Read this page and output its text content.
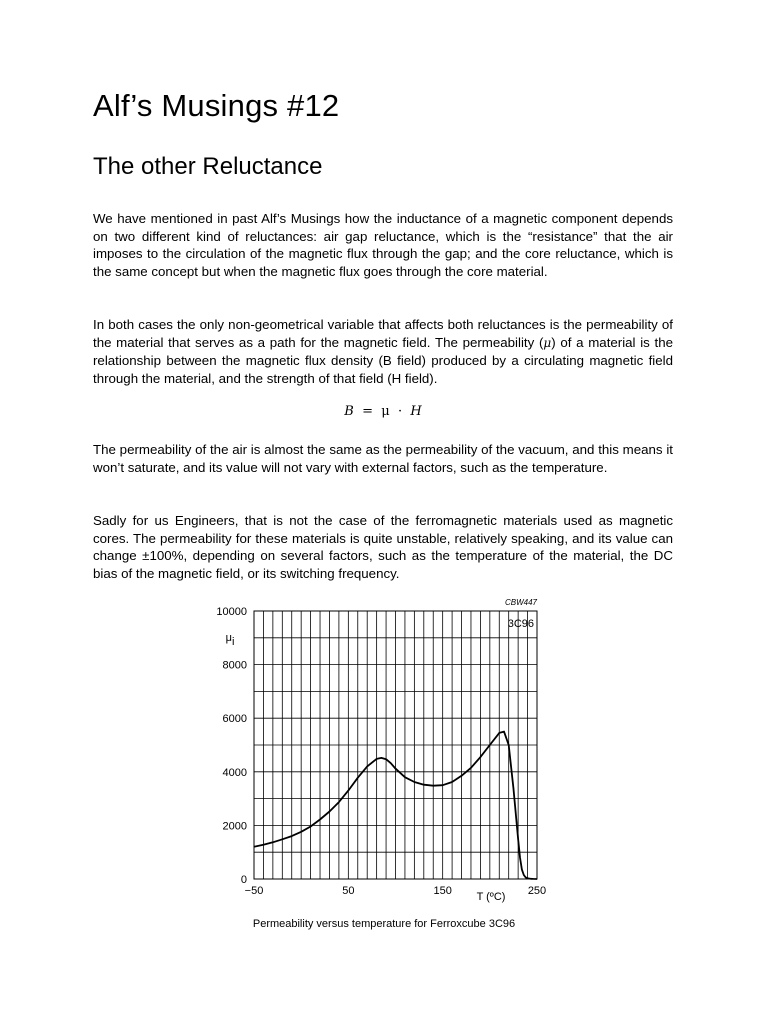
Alf’s Musings #12
The other Reluctance

We have mentioned in past Alf’s Musings how the inductance of a magnetic component depends on two different kind of reluctances: air gap reluctance, which is the “resistance” that the air imposes to the circulation of the magnetic flux through the gap; and the core reluctance, which is the same concept but when the magnetic flux goes through the core material.

In both cases the only non-geometrical variable that affects both reluctances is the permeability of the material that serves as a path for the magnetic field. The permeability (μ) of a material is the relationship between the magnetic flux density (B field) produced by a circulating magnetic field through the material, and the strength of that field (H field).

B = μ · H

The permeability of the air is almost the same as the permeability of the vacuum, and this means it won’t saturate, and its value will not vary with external factors, such as the temperature.

Sadly for us Engineers, that is not the case of the ferromagnetic materials used as magnetic cores. The permeability for these materials is quite unstable, relatively speaking, and its value can change ±100%, depending on several factors, such as the temperature of the material, the DC bias of the magnetic field, or its switching frequency.

0
2000
4000
6000
8000
10000
−50	50	150	250
μi
T (ºC)
CBW447
3C96
Permeability versus temperature for Ferroxcube 3C96
